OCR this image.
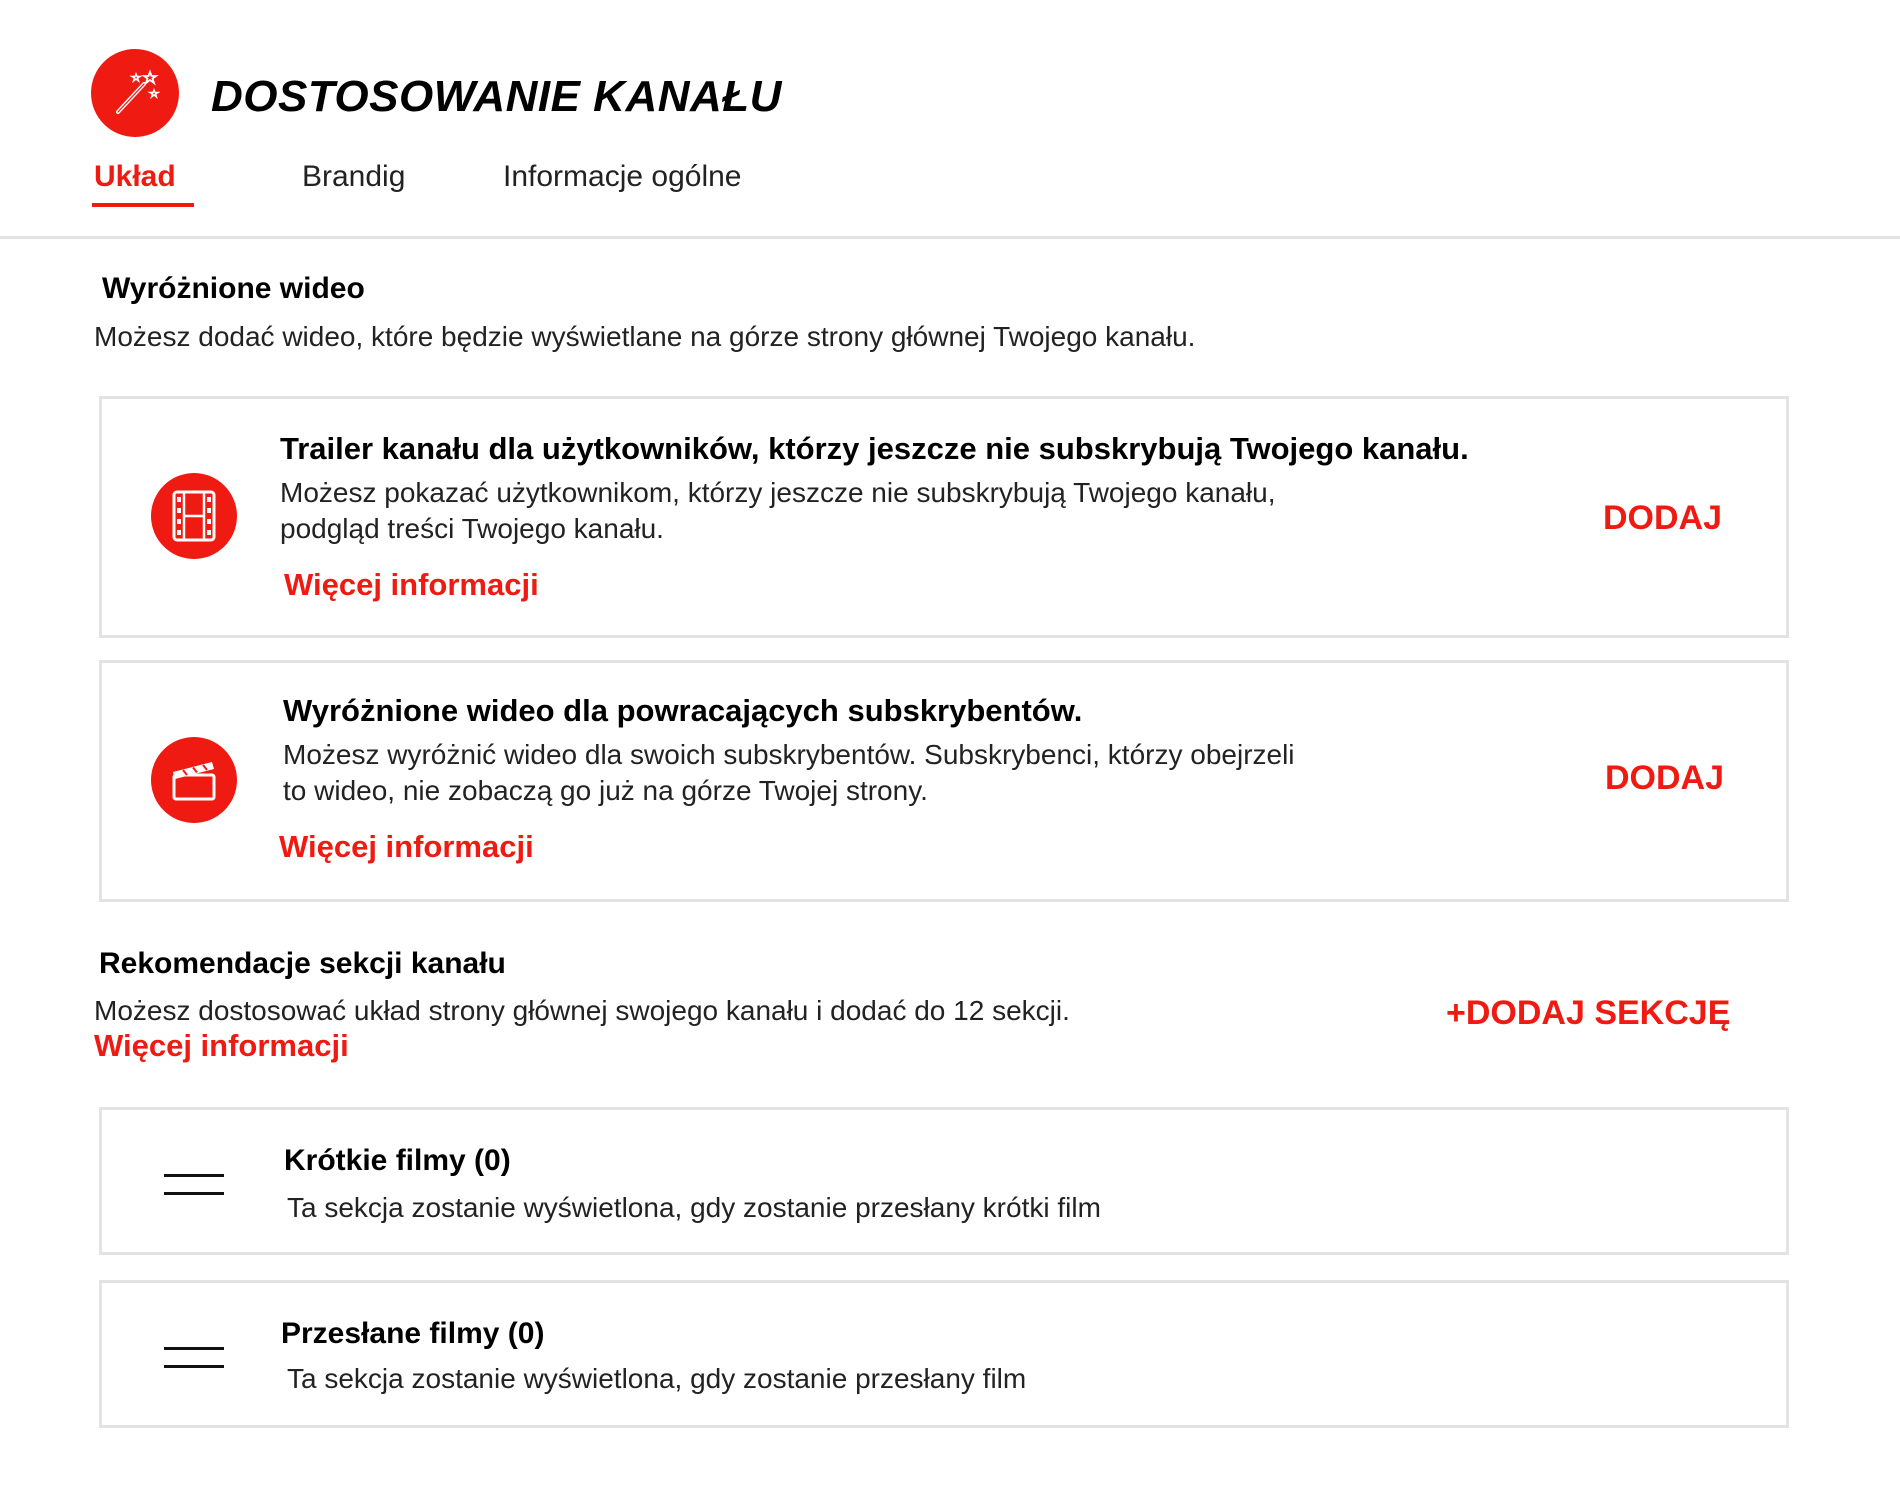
DOSTOSOWANIE KANAŁU
Układ	Brandig	Informacje ogólne
Wyróżnione wideo
Możesz dodać wideo, które będzie wyświetlane na górze strony głównej Twojego kanału.
Trailer kanału dla użytkowników, którzy jeszcze nie subskrybują Twojego kanału.
Możesz pokazać użytkownikom, którzy jeszcze nie subskrybują Twojego kanału,
podgląd treści Twojego kanału.
Więcej informacji
DODAJ
Wyróżnione wideo dla powracających subskrybentów.
Możesz wyróżnić wideo dla swoich subskrybentów. Subskrybenci, którzy obejrzeli
to wideo, nie zobaczą go już na górze Twojej strony.
Więcej informacji
DODAJ
Rekomendacje sekcji kanału
Możesz dostosować układ strony głównej swojego kanału i dodać do 12 sekcji.
Więcej informacji
+DODAJ SEKCJĘ
Krótkie filmy (0)
Ta sekcja zostanie wyświetlona, gdy zostanie przesłany krótki film
Przesłane filmy (0)
Ta sekcja zostanie wyświetlona, gdy zostanie przesłany film
